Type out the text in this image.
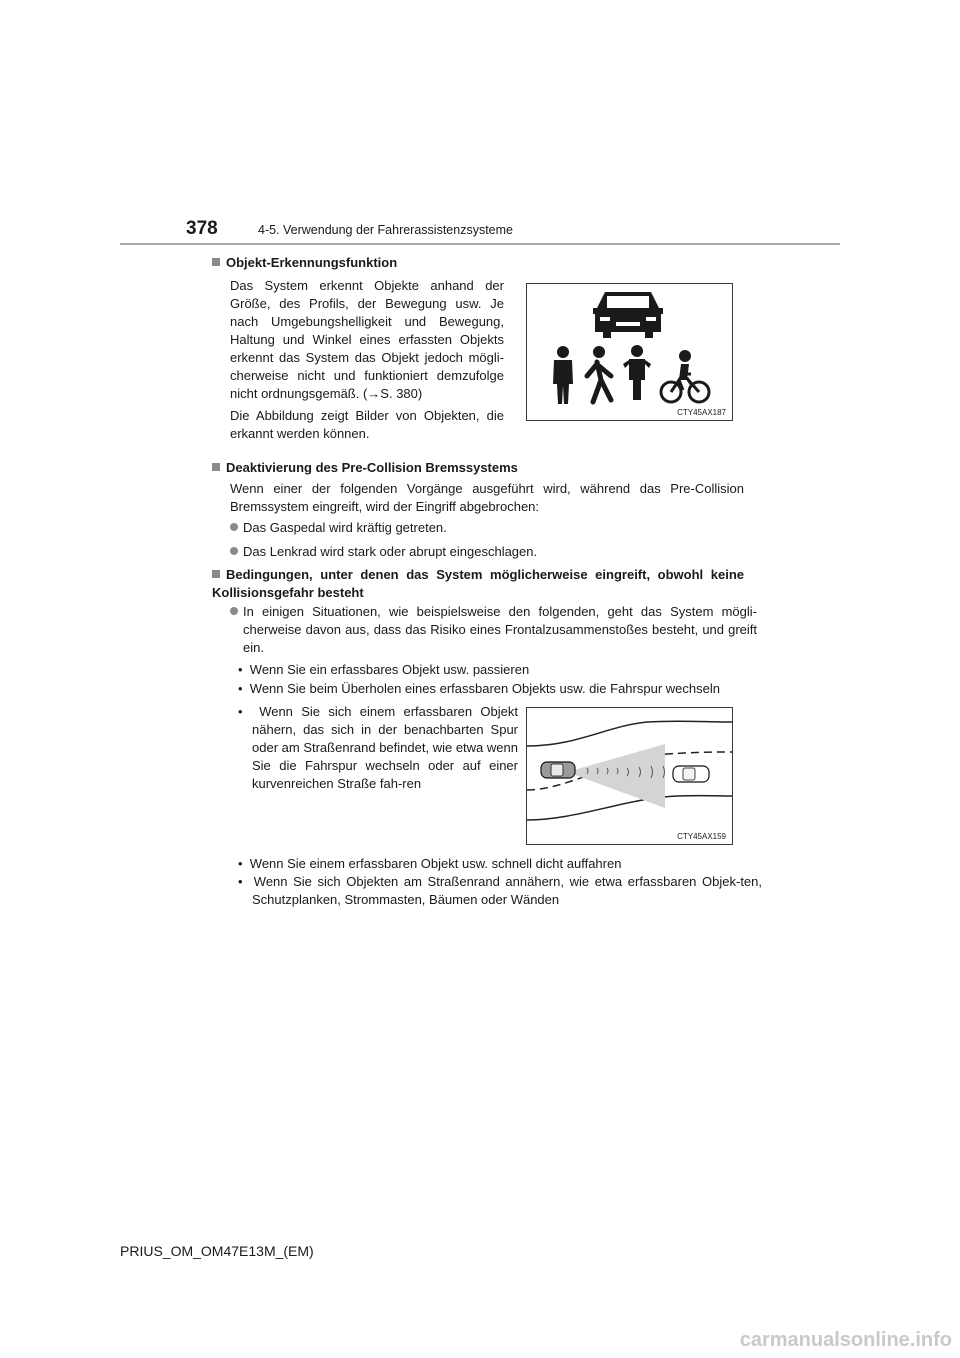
378	4-5. Verwendung der Fahrerassistenzsysteme
Objekt-Erkennungsfunktion
Das System erkennt Objekte anhand der Größe, des Profils, der Bewegung usw. Je nach Umgebungshelligkeit und Bewegung, Haltung und Winkel eines erfassten Objekts erkennt das System das Objekt jedoch mögli-cherweise nicht und funktioniert demzufolge nicht ordnungsgemäß. (→S. 380)
Die Abbildung zeigt Bilder von Objekten, die erkannt werden können.
CTY45AX187
Deaktivierung des Pre-Collision Bremssystems
Wenn einer der folgenden Vorgänge ausgeführt wird, während das Pre-Collision Bremssystem eingreift, wird der Eingriff abgebrochen:
Das Gaspedal wird kräftig getreten.
Das Lenkrad wird stark oder abrupt eingeschlagen.
Bedingungen, unter denen das System möglicherweise eingreift, obwohl keine Kollisionsgefahr besteht
In einigen Situationen, wie beispielsweise den folgenden, geht das System mögli-cherweise davon aus, dass das Risiko eines Frontalzusammenstoßes besteht, und greift ein.
•  Wenn Sie ein erfassbares Objekt usw. passieren
•  Wenn Sie beim Überholen eines erfassbaren Objekts usw. die Fahrspur wechseln
•  Wenn Sie sich einem erfassbaren Objekt nähern, das sich in der benachbarten Spur oder am Straßenrand befindet, wie etwa wenn Sie die Fahrspur wechseln oder auf einer kurvenreichen Straße fah-ren
CTY45AX159
•  Wenn Sie einem erfassbaren Objekt usw. schnell dicht auffahren
•  Wenn Sie sich Objekten am Straßenrand annähern, wie etwa erfassbaren Objek-ten, Schutzplanken, Strommasten, Bäumen oder Wänden
PRIUS_OM_OM47E13M_(EM)
carmanualsonline.info
